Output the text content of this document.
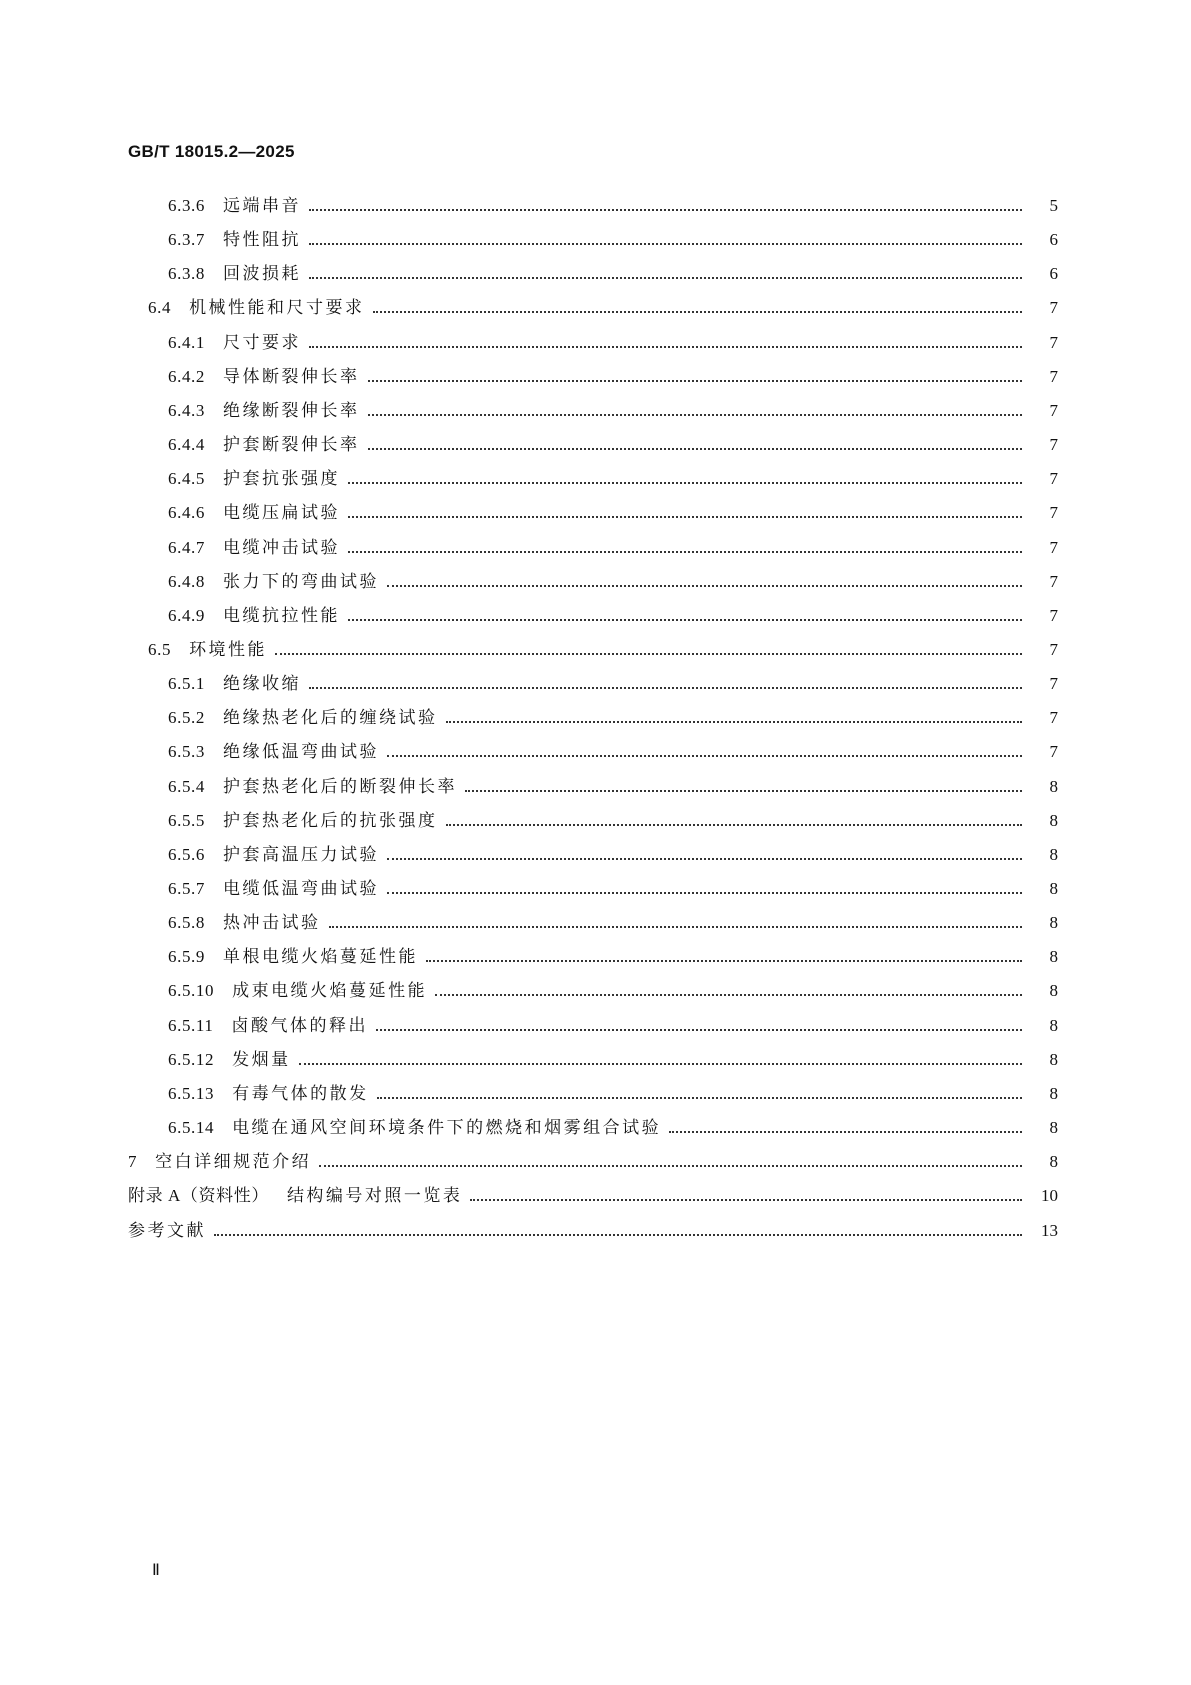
GB/T 18015.2—2025
6.3.6 远端串音	5
6.3.7 特性阻抗	6
6.3.8 回波损耗	6
6.4 机械性能和尺寸要求	7
6.4.1 尺寸要求	7
6.4.2 导体断裂伸长率	7
6.4.3 绝缘断裂伸长率	7
6.4.4 护套断裂伸长率	7
6.4.5 护套抗张强度	7
6.4.6 电缆压扁试验	7
6.4.7 电缆冲击试验	7
6.4.8 张力下的弯曲试验	7
6.4.9 电缆抗拉性能	7
6.5 环境性能	7
6.5.1 绝缘收缩	7
6.5.2 绝缘热老化后的缠绕试验	7
6.5.3 绝缘低温弯曲试验	7
6.5.4 护套热老化后的断裂伸长率	8
6.5.5 护套热老化后的抗张强度	8
6.5.6 护套高温压力试验	8
6.5.7 电缆低温弯曲试验	8
6.5.8 热冲击试验	8
6.5.9 单根电缆火焰蔓延性能	8
6.5.10 成束电缆火焰蔓延性能	8
6.5.11 卤酸气体的释出	8
6.5.12 发烟量	8
6.5.13 有毒气体的散发	8
6.5.14 电缆在通风空间环境条件下的燃烧和烟雾组合试验	8
7 空白详细规范介绍	8
附录 A（资料性） 结构编号对照一览表	10
参考文献	13
Ⅱ
